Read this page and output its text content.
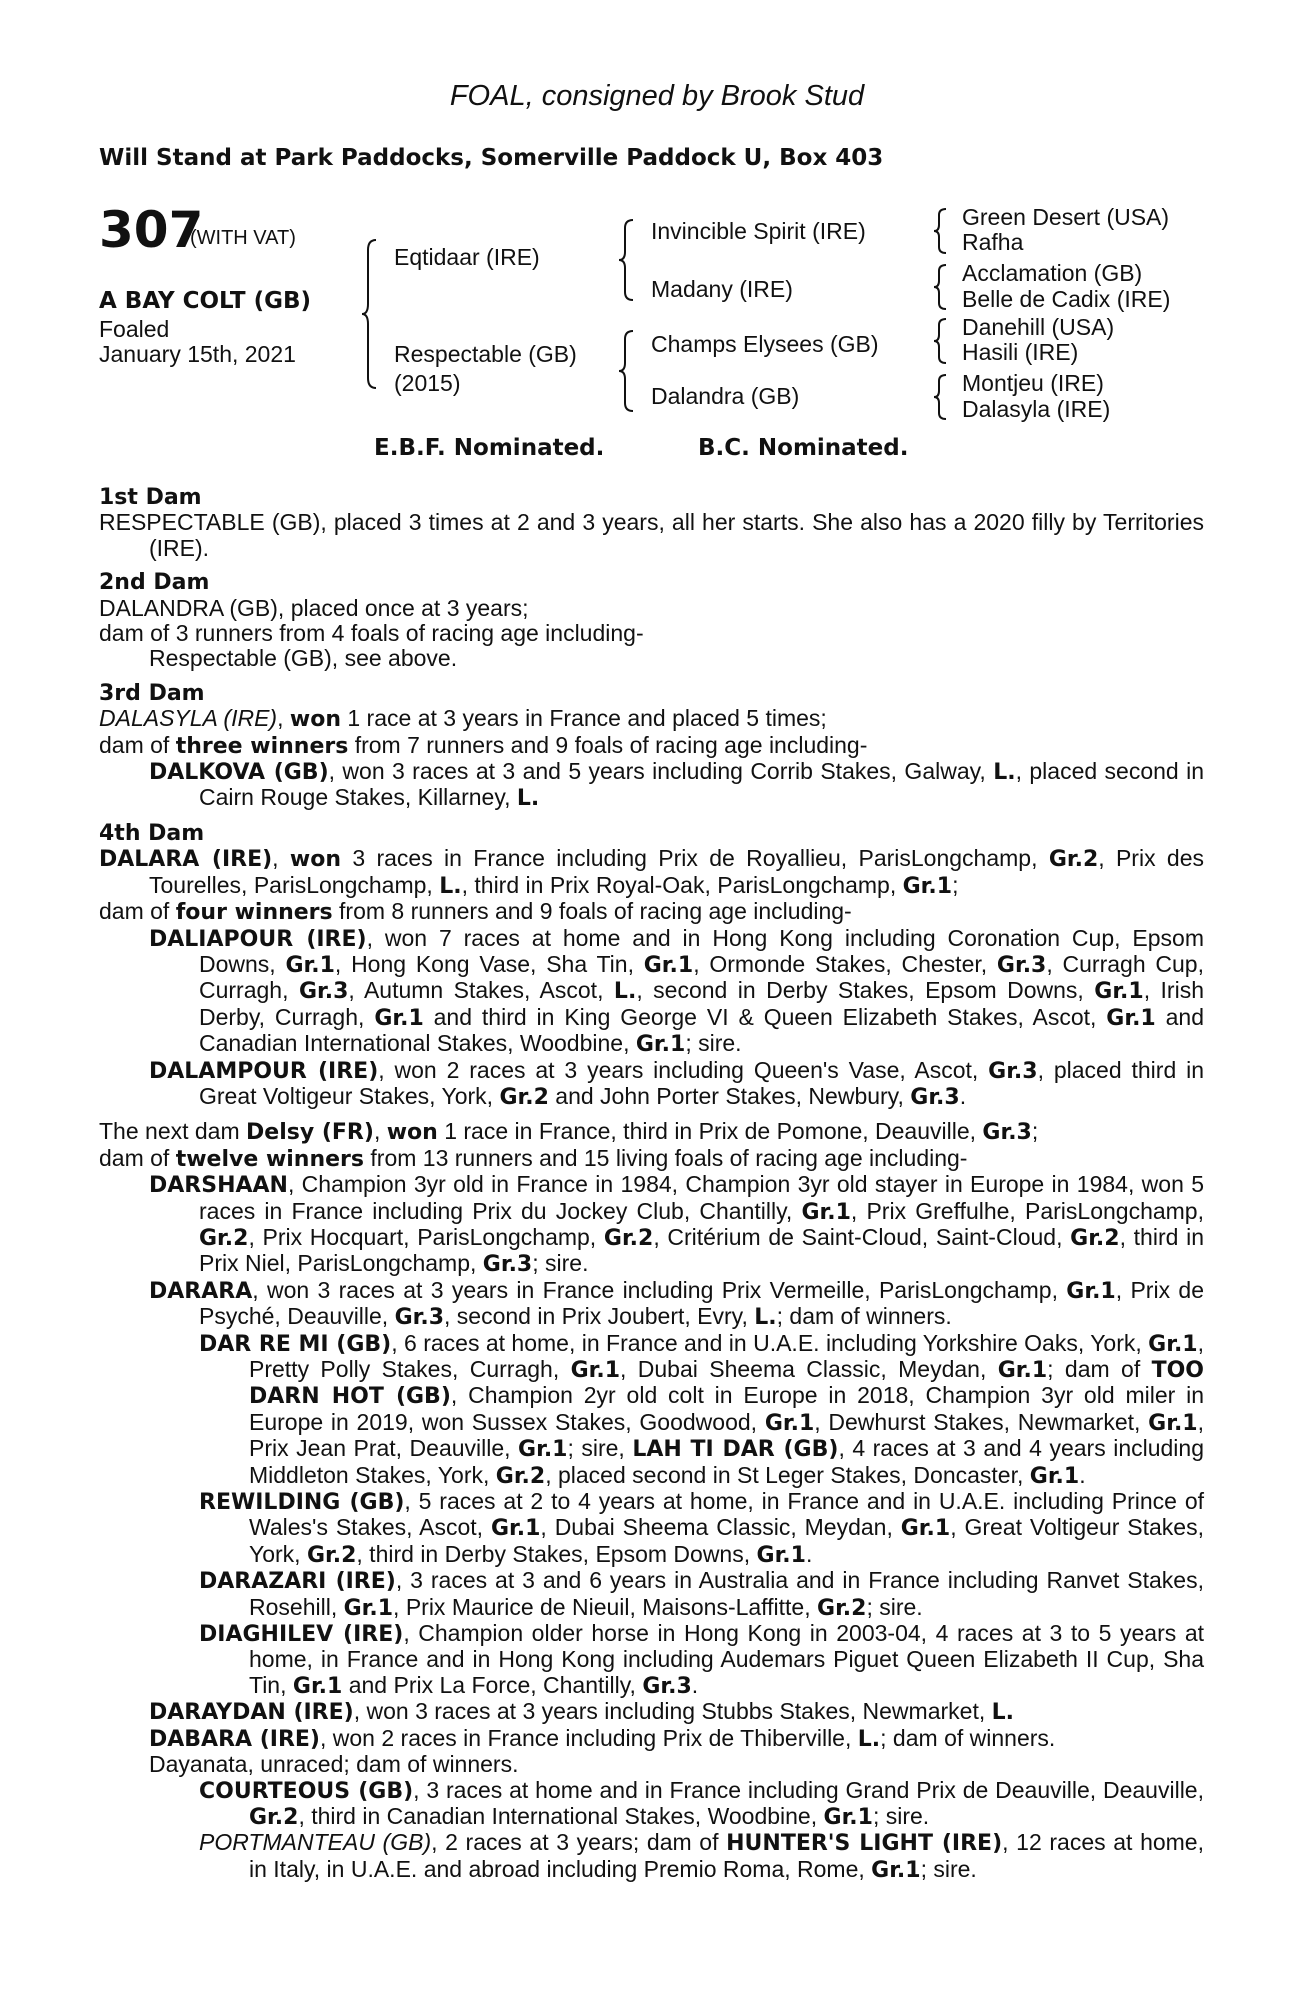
FOAL, consigned by Brook Stud
Will Stand at Park Paddocks, Somerville Paddock U, Box 403
307
(WITH VAT)
A BAY COLT (GB)
Foaled
January 15th, 2021
Eqtidaar (IRE)
Respectable (GB)
(2015)
Invincible Spirit (IRE)
Madany (IRE)
Champs Elysees (GB)
Dalandra (GB)
Green Desert (USA)
Rafha
Acclamation (GB)
Belle de Cadix (IRE)
Danehill (USA)
Hasili (IRE)
Montjeu (IRE)
Dalasyla (IRE)
E.B.F. Nominated.	B.C. Nominated.
1st Dam
RESPECTABLE (GB), placed 3 times at 2 and 3 years, all her starts. She also has a 2020 filly by Territories (IRE).
2nd Dam
DALANDRA (GB), placed once at 3 years;
dam of 3 runners from 4 foals of racing age including-
Respectable (GB), see above.
3rd Dam
DALASYLA (IRE), won 1 race at 3 years in France and placed 5 times;
dam of three winners from 7 runners and 9 foals of racing age including-
DALKOVA (GB), won 3 races at 3 and 5 years including Corrib Stakes, Galway, L., placed second in Cairn Rouge Stakes, Killarney, L.
4th Dam
DALARA (IRE), won 3 races in France including Prix de Royallieu, ParisLongchamp, Gr.2, Prix des Tourelles, ParisLongchamp, L., third in Prix Royal-Oak, ParisLongchamp, Gr.1;
dam of four winners from 8 runners and 9 foals of racing age including-
DALIAPOUR (IRE), won 7 races at home and in Hong Kong including Coronation Cup, Epsom Downs, Gr.1, Hong Kong Vase, Sha Tin, Gr.1, Ormonde Stakes, Chester, Gr.3, Curragh Cup, Curragh, Gr.3, Autumn Stakes, Ascot, L., second in Derby Stakes, Epsom Downs, Gr.1, Irish Derby, Curragh, Gr.1 and third in King George VI & Queen Elizabeth Stakes, Ascot, Gr.1 and Canadian International Stakes, Woodbine, Gr.1; sire.
DALAMPOUR (IRE), won 2 races at 3 years including Queen's Vase, Ascot, Gr.3, placed third in Great Voltigeur Stakes, York, Gr.2 and John Porter Stakes, Newbury, Gr.3.
The next dam Delsy (FR), won 1 race in France, third in Prix de Pomone, Deauville, Gr.3;
dam of twelve winners from 13 runners and 15 living foals of racing age including-
DARSHAAN, Champion 3yr old in France in 1984, Champion 3yr old stayer in Europe in 1984, won 5 races in France including Prix du Jockey Club, Chantilly, Gr.1, Prix Greffulhe, ParisLongchamp, Gr.2, Prix Hocquart, ParisLongchamp, Gr.2, Critérium de Saint-Cloud, Saint-Cloud, Gr.2, third in Prix Niel, ParisLongchamp, Gr.3; sire.
DARARA, won 3 races at 3 years in France including Prix Vermeille, ParisLongchamp, Gr.1, Prix de Psyché, Deauville, Gr.3, second in Prix Joubert, Evry, L.; dam of winners.
DAR RE MI (GB), 6 races at home, in France and in U.A.E. including Yorkshire Oaks, York, Gr.1, Pretty Polly Stakes, Curragh, Gr.1, Dubai Sheema Classic, Meydan, Gr.1; dam of TOO DARN HOT (GB), Champion 2yr old colt in Europe in 2018, Champion 3yr old miler in Europe in 2019, won Sussex Stakes, Goodwood, Gr.1, Dewhurst Stakes, Newmarket, Gr.1, Prix Jean Prat, Deauville, Gr.1; sire, LAH TI DAR (GB), 4 races at 3 and 4 years including Middleton Stakes, York, Gr.2, placed second in St Leger Stakes, Doncaster, Gr.1.
REWILDING (GB), 5 races at 2 to 4 years at home, in France and in U.A.E. including Prince of Wales's Stakes, Ascot, Gr.1, Dubai Sheema Classic, Meydan, Gr.1, Great Voltigeur Stakes, York, Gr.2, third in Derby Stakes, Epsom Downs, Gr.1.
DARAZARI (IRE), 3 races at 3 and 6 years in Australia and in France including Ranvet Stakes, Rosehill, Gr.1, Prix Maurice de Nieuil, Maisons-Laffitte, Gr.2; sire.
DIAGHILEV (IRE), Champion older horse in Hong Kong in 2003-04, 4 races at 3 to 5 years at home, in France and in Hong Kong including Audemars Piguet Queen Elizabeth II Cup, Sha Tin, Gr.1 and Prix La Force, Chantilly, Gr.3.
DARAYDAN (IRE), won 3 races at 3 years including Stubbs Stakes, Newmarket, L.
DABARA (IRE), won 2 races in France including Prix de Thiberville, L.; dam of winners.
Dayanata, unraced; dam of winners.
COURTEOUS (GB), 3 races at home and in France including Grand Prix de Deauville, Deauville, Gr.2, third in Canadian International Stakes, Woodbine, Gr.1; sire.
PORTMANTEAU (GB), 2 races at 3 years; dam of HUNTER'S LIGHT (IRE), 12 races at home, in Italy, in U.A.E. and abroad including Premio Roma, Rome, Gr.1; sire.
